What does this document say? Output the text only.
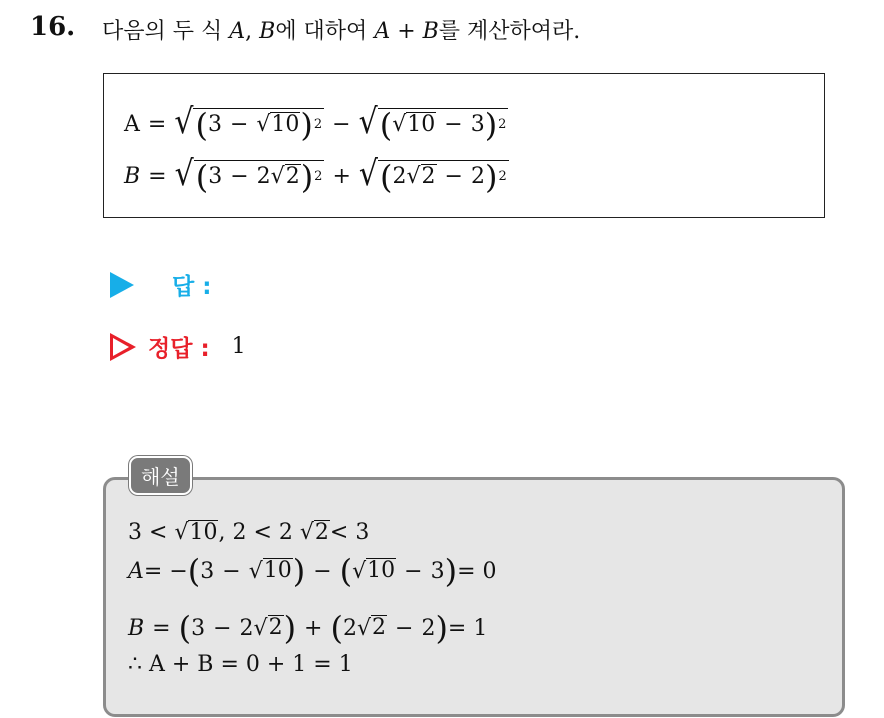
16. 다음의 두 식 A, B에 대하여 A + B를 계산하여라.
A = √ ( 3 − √ 10 ) 2 − √ ( √ 10 − 3 ) 2
B = √ ( 3 − 2 √ 2 ) 2 + √ ( 2 √ 2 − 2 ) 2
답 :
정답 : 1
3 <
√ 10 , 2 < 2
√ 2 < 3
A = − ( 3 − √ 10 ) − ( √ 10 − 3 ) = 0
B = ( 3 − 2 √ 2 ) + ( 2 √ 2 − 2 ) = 1
∴ A + B = 0 + 1 = 1
해설
